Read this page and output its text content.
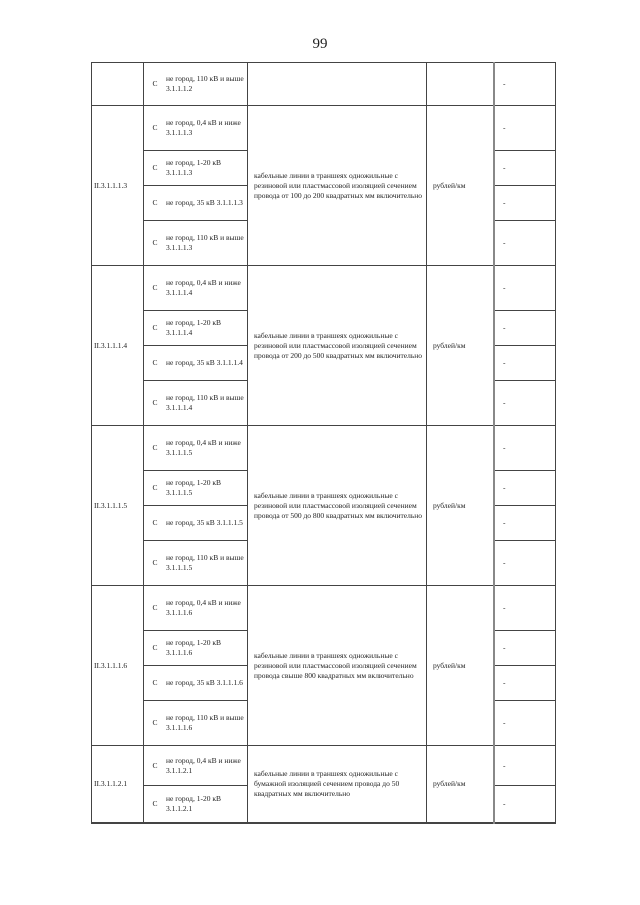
99
	С	не город, 110 кВ и выше 3.1.1.1.2			-
II.3.1.1.1.3	С	не город, 0,4 кВ и ниже 3.1.1.1.3	кабельные линии в траншеях одножильные с резиновой или пластмассовой изоляцией сечением провода от 100 до 200 квадратных мм включительно	рублей/км	-
	С	не город, 1-20 кВ 3.1.1.1.3			-
	С	не город, 35 кВ 3.1.1.1.3			-
	С	не город, 110 кВ и выше 3.1.1.1.3			-
II.3.1.1.1.4	С	не город, 0,4 кВ и ниже 3.1.1.1.4	кабельные линии в траншеях одножильные с резиновой или пластмассовой изоляцией сечением провода от 200 до 500 квадратных мм включительно	рублей/км	-
	С	не город, 1-20 кВ 3.1.1.1.4			-
	С	не город, 35 кВ 3.1.1.1.4			-
	С	не город, 110 кВ и выше 3.1.1.1.4			-
II.3.1.1.1.5	С	не город, 0,4 кВ и ниже 3.1.1.1.5	кабельные линии в траншеях одножильные с резиновой или пластмассовой изоляцией сечением провода от 500 до 800 квадратных мм включительно	рублей/км	-
	С	не город, 1-20 кВ 3.1.1.1.5			-
	С	не город, 35 кВ 3.1.1.1.5			-
	С	не город, 110 кВ и выше 3.1.1.1.5			-
II.3.1.1.1.6	С	не город, 0,4 кВ и ниже 3.1.1.1.6	кабельные линии в траншеях одножильные с резиновой или пластмассовой изоляцией сечением провода свыше 800 квадратных мм включительно	рублей/км	-
	С	не город, 1-20 кВ 3.1.1.1.6			-
	С	не город, 35 кВ 3.1.1.1.6			-
	С	не город, 110 кВ и выше 3.1.1.1.6			-
II.3.1.1.2.1	С	не город, 0,4 кВ и ниже 3.1.1.2.1	кабельные линии в траншеях одножильные с бумажной изоляцией сечением провода до 50 квадратных мм включительно	рублей/км	-
	С	не город, 1-20 кВ 3.1.1.2.1			-
